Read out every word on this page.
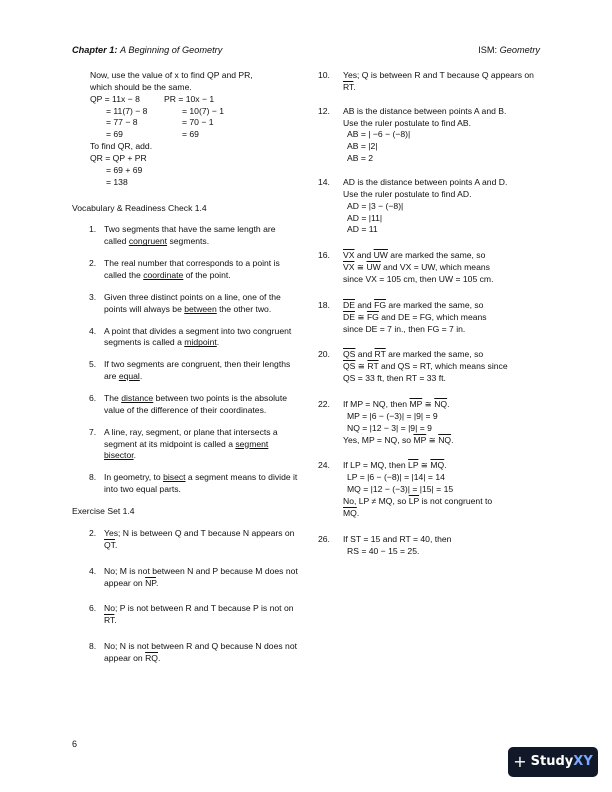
Chapter 1: A Beginning of Geometry	ISM: Geometry
Now, use the value of x to find QP and PR,
which should be the same.
QP = 11x − 8	PR = 10x − 1
= 11(7) − 8	= 10(7) − 1
= 77 − 8	= 70 − 1
= 69	= 69
To find QR, add.
QR = QP + PR
= 69 + 69
= 138
Vocabulary & Readiness Check 1.4
1. Two segments that have the same length are called congruent segments.
2. The real number that corresponds to a point is called the coordinate of the point.
3. Given three distinct points on a line, one of the points will always be between the other two.
4. A point that divides a segment into two congruent segments is called a midpoint.
5. If two segments are congruent, then their lengths are equal.
6. The distance between two points is the absolute value of the difference of their coordinates.
7. A line, ray, segment, or plane that intersects a segment at its midpoint is called a segment bisector.
8. In geometry, to bisect a segment means to divide it into two equal parts.
Exercise Set 1.4
2. Yes; N is between Q and T because N appears on $\overline{QT}$.
4. No; M is not between N and P because M does not appear on $\overline{NP}$.
6. No; P is not between R and T because P is not on $\overline{RT}$.
8. No; N is not between R and Q because N does not appear on $\overline{RQ}$.
10. Yes; Q is between R and T because Q appears on $\overline{RT}$.
12. AB is the distance between points A and B.
Use the ruler postulate to find AB.
AB = | −6 − (−8)|
AB = |2|
AB = 2
14. AD is the distance between points A and D.
Use the ruler postulate to find AD.
AD = |3 − (−8)|
AD = |11|
AD = 11
16. $\overline{VX}$ and $\overline{UW}$ are marked the same, so
$\overline{VX}$ ≅ $\overline{UW}$ and VX = UW, which means
since VX = 105 cm, then UW = 105 cm.
18. $\overline{DE}$ and $\overline{FG}$ are marked the same, so
$\overline{DE}$ ≅ $\overline{FG}$ and DE = FG, which means
since DE = 7 in., then FG = 7 in.
20. $\overline{QS}$ and $\overline{RT}$ are marked the same, so
$\overline{QS}$ ≅ $\overline{RT}$ and QS = RT, which means since
QS = 33 ft, then RT = 33 ft.
22. If MP = NQ, then $\overline{MP}$ ≅ $\overline{NQ}$.
MP = |6 − (−3)| = |9| = 9
NQ = |12 − 3| = |9| = 9
Yes, MP = NQ, so $\overline{MP}$ ≅ $\overline{NQ}$.
24. If LP = MQ, then $\overline{LP}$ ≅ $\overline{MQ}$.
LP = |6 − (−8)| = |14| = 14
MQ = |12 − (−3)| = |15| = 15
No, LP ≠ MQ, so $\overline{LP}$ is not congruent to
$\overline{MQ}$.
26. If ST = 15 and RT = 40, then
RS = 40 − 15 = 25.
6
+ Study XY
